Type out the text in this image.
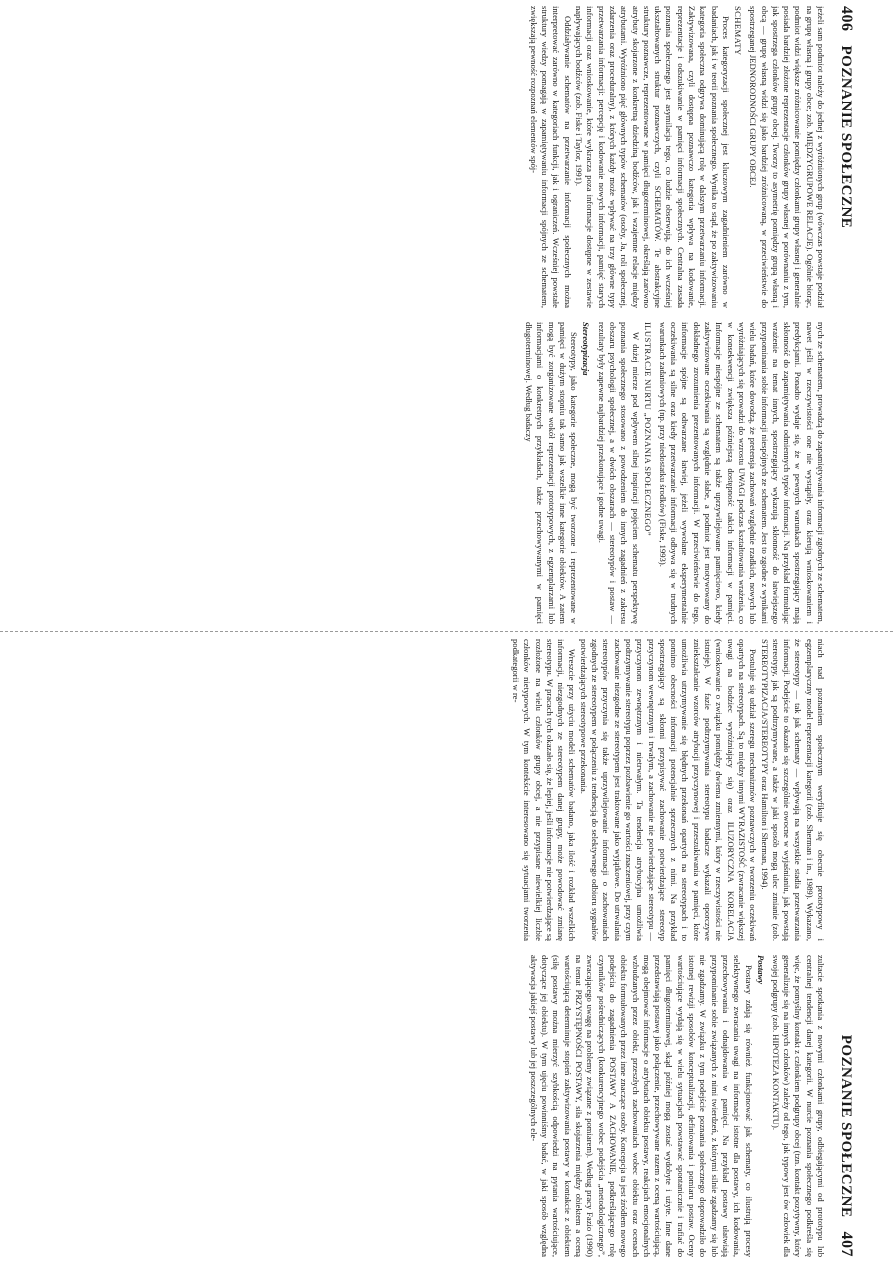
406
POZNANIE SPOŁECZNE

jeżeli sam podmiot należy do jednej z wyróżnionych grup (wówczas powstaje podział na grupę własną i grupy obce; zob. MIĘDZYGRUPOWE RELACJE). Ogólnie biorąc, podmiot widzi większe zróżnicowanie pomiędzy członkami grupy własnej i generalnie posiada bardziej złożone reprezentacje członków grupy własnej w porównaniu z tym, jak spostrzega członków grupy obcej. Tworzy to asymetrię pomiędzy grupą własną i obcą — grupę własną widzi się jako bardziej zróżnicowaną, w przeciwieństwie do spostrzeganej JEDNORODNOŚCI GRUPY OBCEJ.

SCHEMATY

Proces kategoryzacji społecznej jest kluczowym zagadnieniem zarówno w badaniach, jak i w teorii poznania społecznego. Wynika to stąd, że po zaktywizowaniu kategoria społeczna odgrywa dominującą rolę w dalszym przetwarzaniu informacji. Zaktywizowana, czyli dostępna poznawczo kategoria wpływa na kodowanie, reprezentacje i odszukiwanie w pamięci informacji społecznych. Centralna zasada poznania społecznego jest asymilacja tego, co ludzie obserwują, do ich wcześniej ukształtowanych struktur poznawczych, czyli SCHEMATÓW. Te abstrakcyjne struktury poznawcze, reprezentowane w pamięci długoterminowej, określają zarówno atrybuty skojarzone z konkretną dziedziną bodźców, jak i wzajemne relacje między atrybutami. Wyróżniono pięć głównych typów schematów (osoby, Ja, roli społecznej, zdarzenia oraz proceduralny), z których każdy może wpływać na trzy główne typy przetwarzania informacji: percepcję i kodowanie nowych informacji, pamięć starych informacji oraz wnioskowanie, które wykracza poza informacje dostępne w zestawie napływających bodźców (zob. Fiske i Taylor, 1991).

Oddziaływanie schematów na przetwarzanie informacji społecznych można interpretować zarówno w kategoriach funkcji, jak i ograniczeń. Wcześniej powstałe struktury wiedzy pomagają w zapamiętywaniu informacji spójnych ze schematem, zwiększają pewność rozpoznań elementów spój-

nych ze schematem, prowadzą do zapamiętywania informacji zgodnych ze schematem, nawet jeśli w rzeczywistości one nie wystąpiły, oraz kierują wnioskowaniem i predykcjami. Ponadto wydaje się, że w pewnych warunkach spostrzegający mają skłonność do zapamiętywania odmiennych typów informacji. Na przykład formułując wrażenie na temat innych, spostrzegający wykazują skłonność do łatwiejszego przypominania sobie informacji niespójnych ze schematem. Jest to zgodne z wynikami wielu badań, które dowodzą, że pretensja zachowań względnie rzadkich, nowych lub wyróżniających się prowadzi do wzrostu UWAGI podczas kształtowania wrażenia, co w konsekwencji zwiększa późniejszą dostępność takich informacji w pamięci. Informacje niespójne ze schematem są także uprzywilejowane pamięciowo, kiedy zaktywizowane oczekiwania są względnie słabe, a podmiot jest motywowany do dokładnego zrozumienia prezentowanych informacji. W przeciwieństwie do tego, informacje spójne są odtwarzane łatwiej, jeżeli wywołane eksperymentalnie oczekiwania są silne oraz kiedy przetwarzanie informacji odbywa się w trudnych warunkach zadaniowych (np. przy niedostatku środków) (Fiske, 1993).

ILUSTRACJE NURTU „POZNANIA SPOŁECZNEGO”

W dużej mierze pod wpływem silnej inspiracji pojęciem schematu perspektywę poznania społecznego stosowano z powodzeniem do innych zagadnień z zakresu obszaru psychologii społecznej, a w dwóch obszarach — stereotypów i postaw — rezultaty były zapewne najbardziej przekonujące i godne uwagi.

Stereotypizacja

Stereotypy, jako kategorie społeczne, mogą być tworzone i reprezentowane w pamięci w dużym stopniu tak samo jak wszelkie inne kategorie obiektów. A zatem mogą być zorganizowane wokół reprezentacji prototypowych, z egzemplarzami lub informacjami o konkretnych przykładach, także przechowywanymi w pamięci długoterminowej. Według badaczy

POZNANIE SPOŁECZNE
407

niach nad poznaniem społecznym weryfikuje się obecnie prototypowy i egzemplaryczny model reprezentacji kategorii (zob. Sherman i in., 1989). Wykazano, że stereotypy — tak jak schematy — wpływają na wszystkie stadia przetwarzania informacji. Podejście to okazało się szczególnie owocne w wyjaśnianiu, jak powstają stereotypy, jak są podtrzymywane, a także w jaki sposób mogą ulec zmianie (zob. STEREOTYPIZACJA/STEREOTYPY oraz Hamilton i Sherman, 1994).

Postuluje się udział szeregu mechanizmów poznawczych w tworzeniu oczekiwań opartych na stereotypach. Są to między innymi WYRAZISTOŚĆ (zwracanie większej uwagi na bodziec wyróżniający się) oraz ILUZORYCZNA KORELACJA (wnioskowanie o związku pomiędzy dwiema zmiennymi, który w rzeczywistości nie istnieje). W fazie podtrzymywania stereotypu badacze wykazali oporczywe zniekształcanie wzorców atrybucji przyczynowej i przeszukiwania w pamięci, które umożliwia utrzymywanie się błędnych przekonań opartych na stereotypach i to pomimo obecności informacji potencjalnie sprzecznych z nimi. Na przykład spostrzegający są skłonni przypisywać zachowanie potwierdzające stereotyp przyczynom wewnętrznym i trwałym, a zachowanie nie potwierdzające stereotypu — przyczynom zewnętrznym i nietrwałym. Ta tendencja atrybucyjna umożliwia podtrzymywanie stereotypu poprzez pozbawienie go wartości znaczeniowej, przy czym zachowanie niezgodne ze stereotypem jest traktowane jako wyjątkowe. Do utrwalania stereotypów przyczynia się także uprzywilejowanie informacji o zachowaniach zgodnych ze stereotypem w połączeniu z tendencją do selektywnego odbioru sygnałów potwierdzających stereotypowe przekonania.

Wreszcie przy użyciu modeli schematów badano, jaka ilość i rozkład wszelkich informacji, niezgodnych ze stereotypem danej grupy, może powodować zmianę stereotypu. W pracach tych okazało się, że lepiej, jeśli informacje nie potwierdzające są rozłożone na wielu członków grupy obcej, a nie przypisane niewielkiej liczbie członków nietypowych. W tym kontekście interesowano się sytuacjami tworzenia podkategorii w re-

zultacie spotkania z nowymi członkami grupy, odbiegającymi od prototypu lub centralnej tendencji danej kategorii. W nurcie poznania społecznego podkreśla się więc, że pomyślny kontakt z członkiem podgrupy obcej (tzn. kontakt pozytywny, który generalizuje się na innych członków) zależy od tego, jak typowy jest ów człowiek dla swojej podgrupy (zob. HIPOTEZA KONTAKTU).

Postawy

Postawy zdają się również funkcjonować jak schematy, co ilustrują procesy selektywnego zwracania uwagi na informacje istotne dla postawy, ich kodowania, przechowywania i odnajdowania w pamięci. Na przykład postawy ułatwiają przypominanie sobie związanych z nimi twierdzeń, z którymi silnie zgadzamy się lub nie zgadzamy. W związku z tym podejście poznania społecznego doprowadziło do istotnej rewizji sposobów konceptualizacji, definiowania i pomiaru postaw. Oceny wartościujące wydają się w wielu sytuacjach powstawać spontanicznie i trafiać do pamięci długoterminowej, skąd później mogą zostać wydobyte i użyte. Inne dane przedstawiają postawę jako połączenie, przechowywane razem z oceną wartościującą, mogą obejmować informacje o atrybutach obiektu postawy, reakcjach emocjonalnych wzbudzanych przez obiekt, przeszłych zachowaniach wobec obiektu oraz ocenach obiektu formułowanych przez inne znaczące osoby. Koncepcja ta jest źródłem nowego podejścia do zagadnienia POSTAWY A ZACHOWANIE, podkreślającego rolę czynników pośredniczących (konkurencyjnego wobec podejścia „metodologicznego”, zwracającego uwagę na problemy związane z pomiarem). Według pracy Fazio (1990) na temat PRZYSTĘPNOŚCI POSTAWY, siła skojarzenia między obiektem a oceną wartościującą determinuje stopień zaktywizowania postawy w kontakcie z obiektem (siłę postawy można mierzyć szybkością odpowiedzi na pytania wartościujące, dotyczące jej obiektu). W tym ujęciu powinniśmy badać, w jaki sposób względna aktywacja jakiejś postawy lub jej poszczególnych ele-
